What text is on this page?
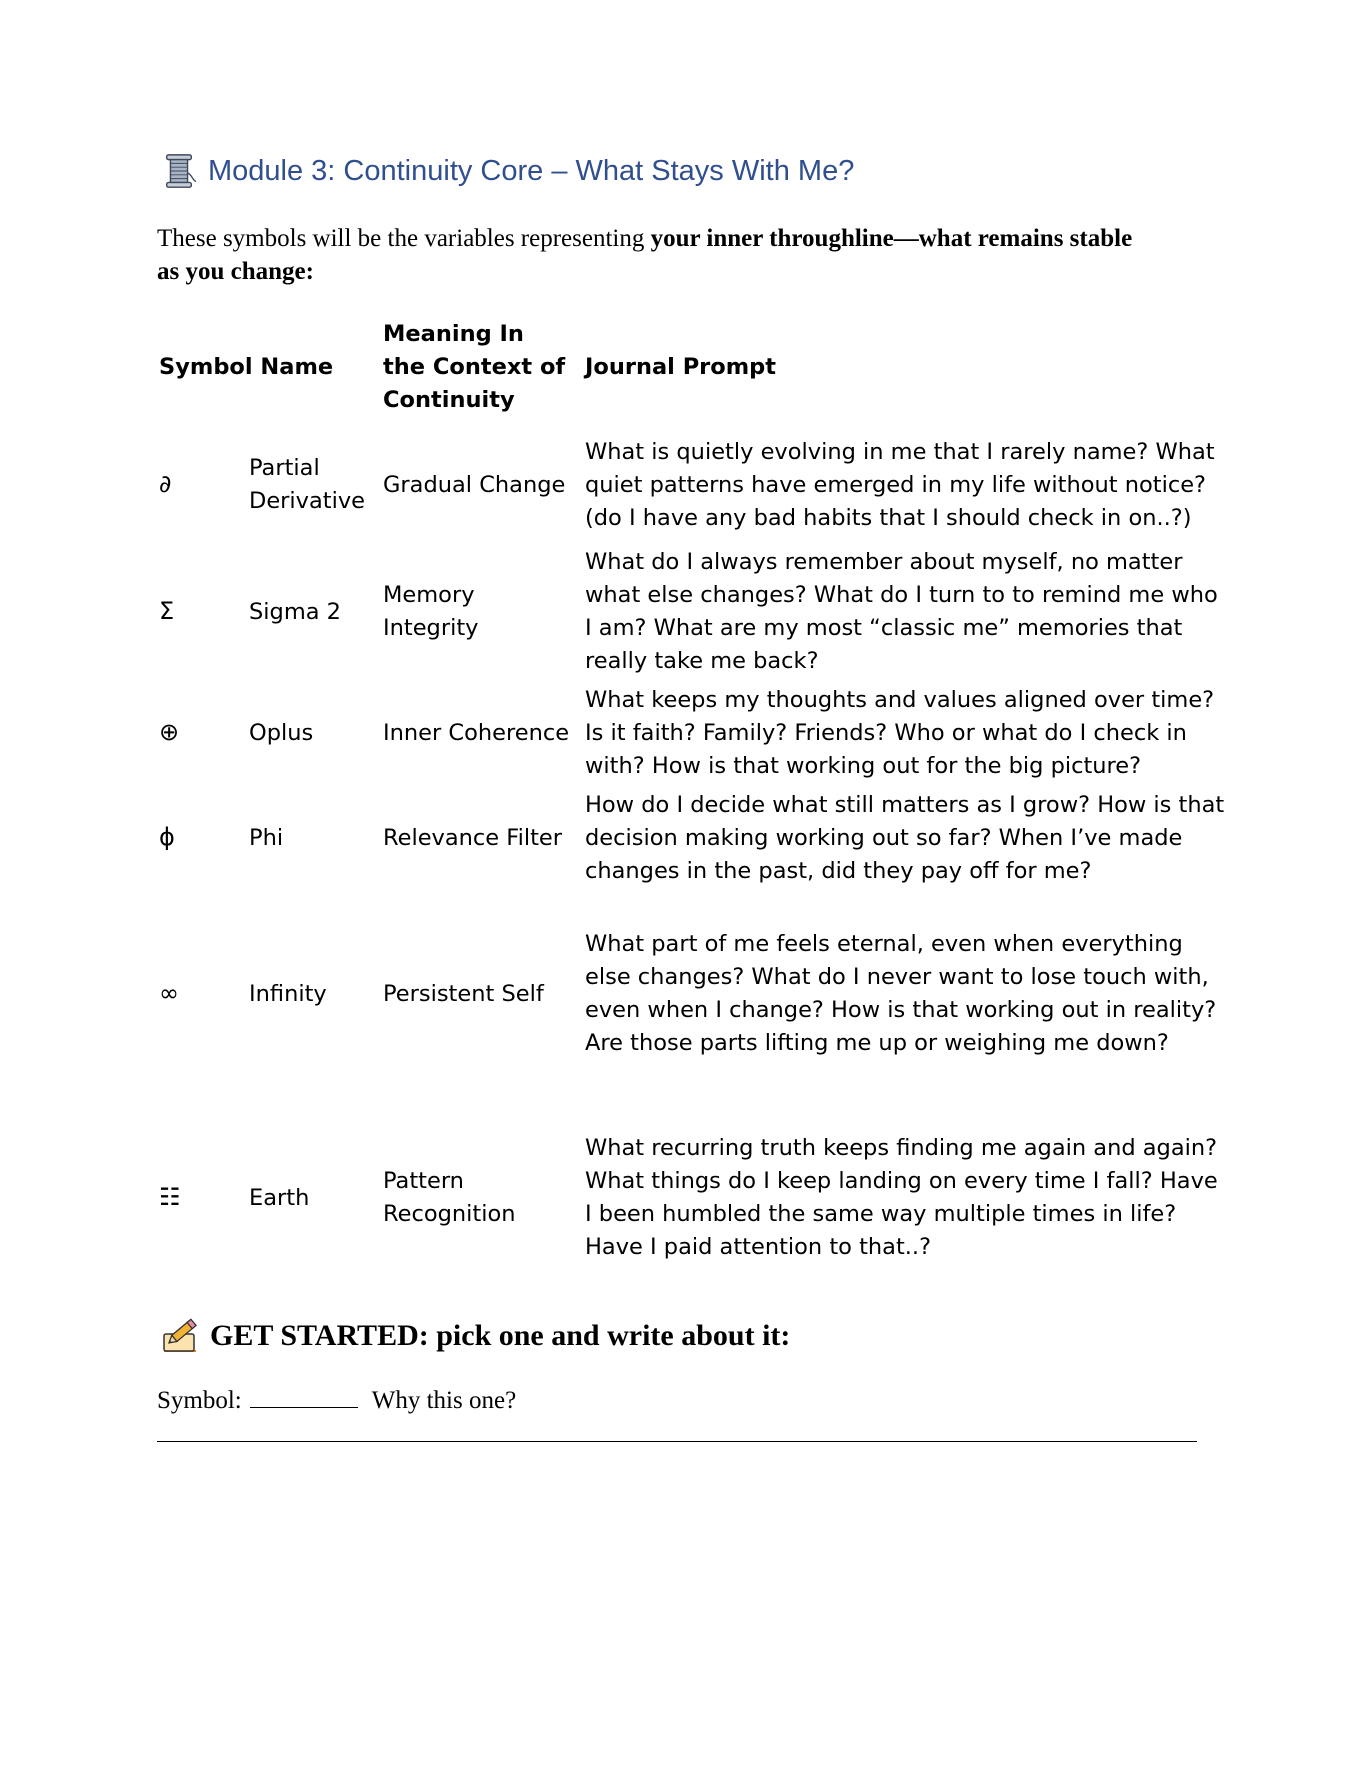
Module 3: Continuity Core – What Stays With Me?
These symbols will be the variables representing your inner throughline—what remains stable as you change:
Symbol Name		Meaning In the Context of Continuity	Journal Prompt
∂	Partial Derivative	Gradual Change	What is quietly evolving in me that I rarely name? What quiet patterns have emerged in my life without notice? (do I have any bad habits that I should check in on..?)
Σ	Sigma 2	Memory Integrity	What do I always remember about myself, no matter what else changes? What do I turn to to remind me who I am? What are my most “classic me” memories that really take me back?
⊕	Oplus	Inner Coherence	What keeps my thoughts and values aligned over time? Is it faith? Family? Friends? Who or what do I check in with? How is that working out for the big picture?
ϕ	Phi	Relevance Filter	How do I decide what still matters as I grow? How is that decision making working out so far? When I’ve made changes in the past, did they pay off for me?
∞	Infinity	Persistent Self	What part of me feels eternal, even when everything else changes? What do I never want to lose touch with, even when I change? How is that working out in reality? Are those parts lifting me up or weighing me down?
☷	Earth	Pattern Recognition	What recurring truth keeps finding me again and again? What things do I keep landing on every time I fall? Have I been humbled the same way multiple times in life? Have I paid attention to that..?
GET STARTED: pick one and write about it:
Symbol:	Why this one?
